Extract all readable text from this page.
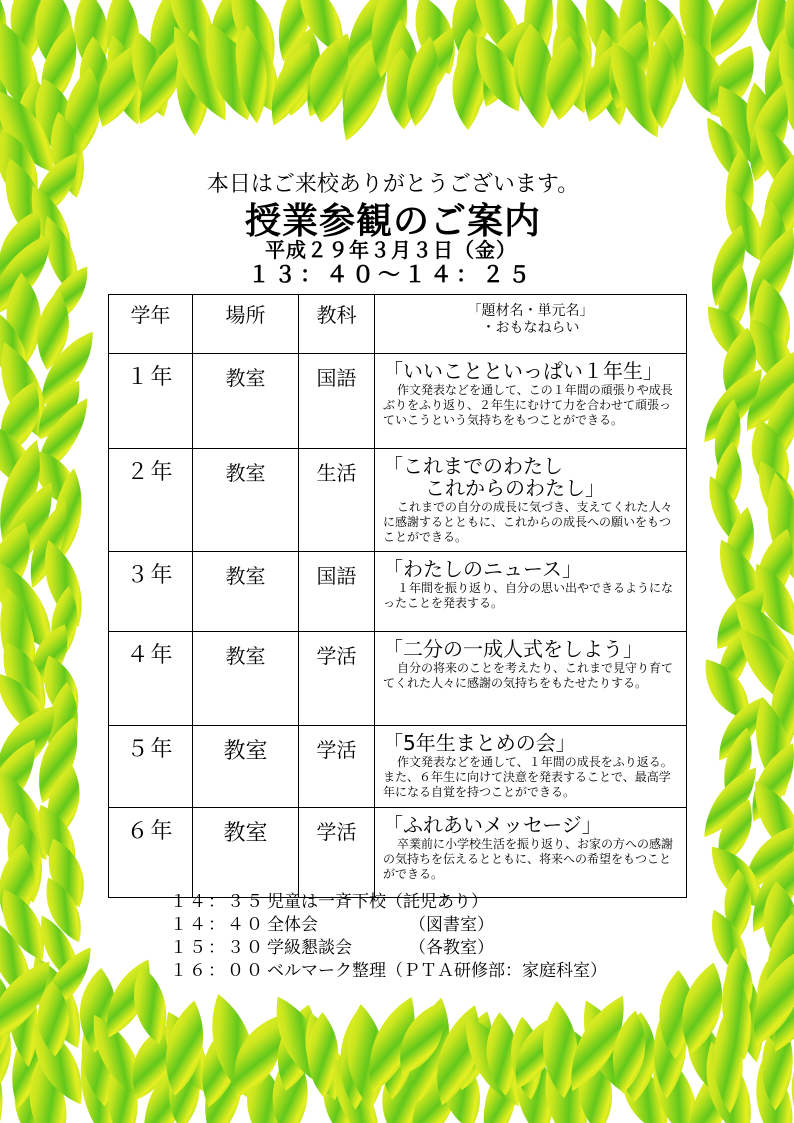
本日はご来校ありがとうございます。
授業参観のご案内
平成２９年３月３日（金）
１３：４０～１４：２５
学年	場所	教科	「題材名・単元名」
・おもなねらい

１年	教室	国語	「いいことといっぱい１年生」
作文発表などを通して、この１年間の頑張りや成長ぶりをふり返り、２年生にむけて力を合わせて頑張っていこうという気持ちをもつことができる。

２年	教室	生活	「これまでのわたし
これからのわたし」
これまでの自分の成長に気づき、支えてくれた人々に感謝するとともに、これからの成長への願いをもつことができる。

３年	教室	国語	「わたしのニュース」
１年間を振り返り、自分の思い出やできるようになったことを発表する。

４年	教室	学活	「二分の一成人式をしよう」
自分の将来のことを考えたり、これまで見守り育ててくれた人々に感謝の気持ちをもたせたりする。

５年	教室	学活	「5年生まとめの会」
作文発表などを通して、１年間の成長をふり返る。また、６年生に向けて決意を発表することで、最高学年になる自覚を持つことができる。

６年	教室	学活	「ふれあいメッセージ」
卒業前に小学校生活を振り返り、お家の方への感謝の気持ちを伝えるとともに、将来への希望をもつことができる。
１４：３５ 児童は一斉下校（託児あり）
１４：４０ 全体会	（図書室）
１５：３０ 学級懇談会	（各教室）
１６：００ ベルマーク整理（ＰＴＡ研修部：家庭科室）
